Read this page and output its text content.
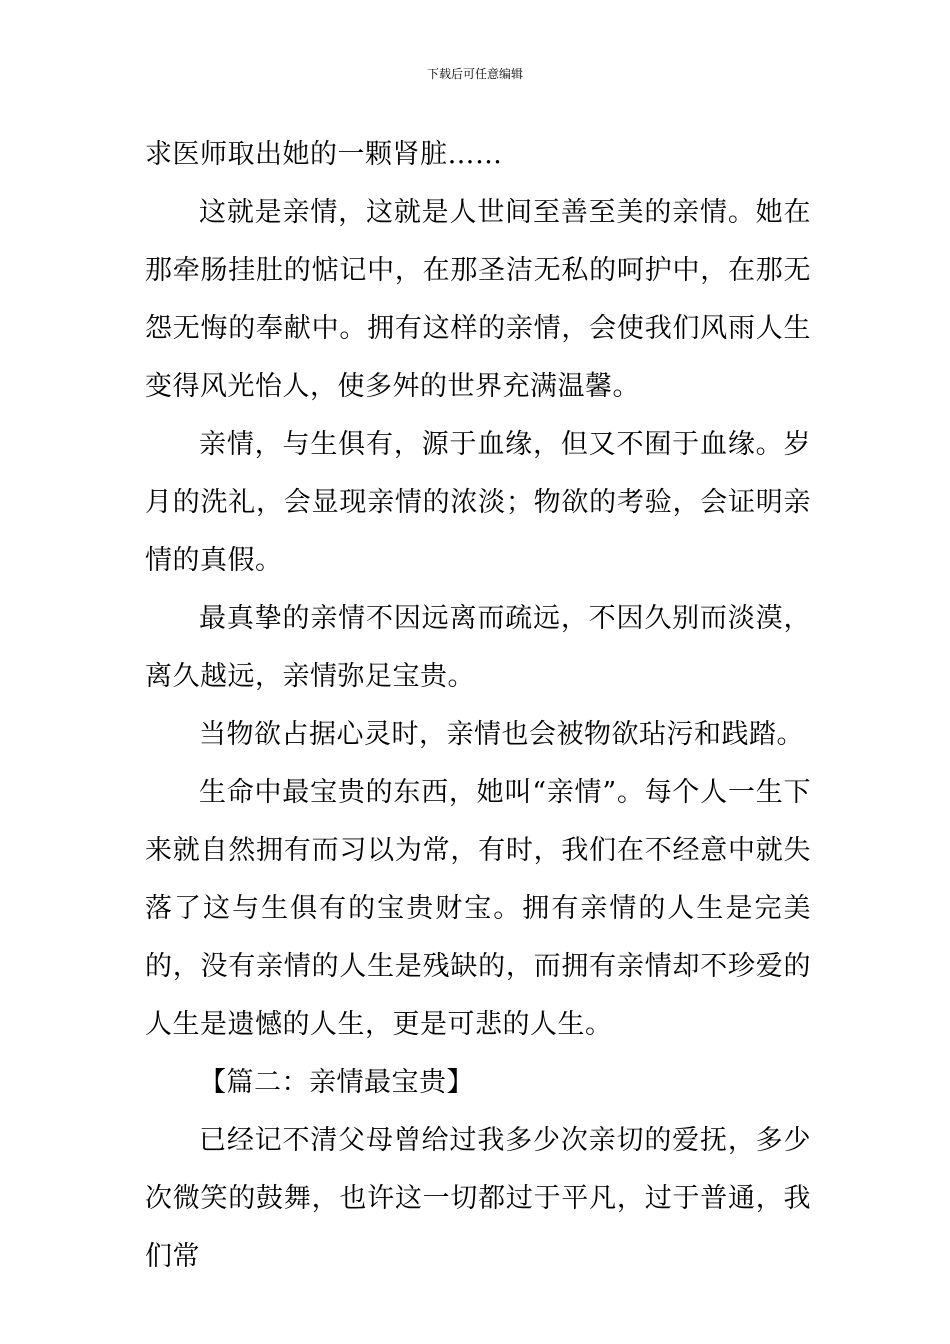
下载后可任意编辑

求医师取出她的一颗肾脏……

这就是亲情，这就是人世间至善至美的亲情。她在那牵肠挂肚的惦记中，在那圣洁无私的呵护中，在那无怨无悔的奉献中。拥有这样的亲情，会使我们风雨人生变得风光怡人，使多舛的世界充满温馨。

亲情，与生俱有，源于血缘，但又不囿于血缘。岁月的洗礼，会显现亲情的浓淡；物欲的考验，会证明亲情的真假。

最真挚的亲情不因远离而疏远，不因久别而淡漠，离久越远，亲情弥足宝贵。

当物欲占据心灵时，亲情也会被物欲玷污和践踏。

生命中最宝贵的东西，她叫“亲情”。每个人一生下来就自然拥有而习以为常，有时，我们在不经意中就失落了这与生俱有的宝贵财宝。拥有亲情的人生是完美的，没有亲情的人生是残缺的，而拥有亲情却不珍爱的人生是遗憾的人生，更是可悲的人生。

【篇二：亲情最宝贵】

已经记不清父母曾给过我多少次亲切的爱抚，多少次微笑的鼓舞，也许这一切都过于平凡，过于普通，我们常
